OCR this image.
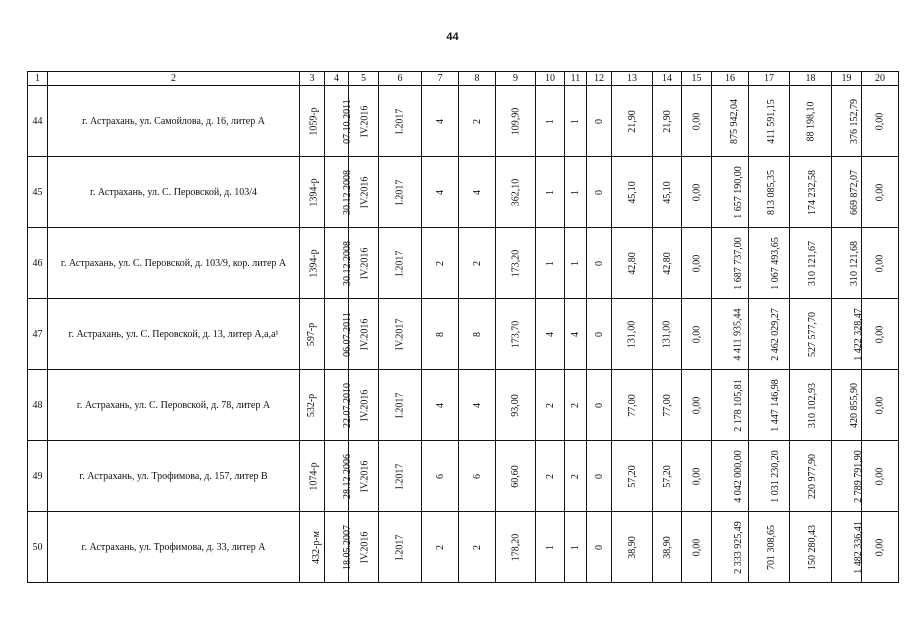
44
1	2	3	4	5	6	7	8	9	10	11	12	13	14	15	16	17	18	19	20
44	г. Астрахань, ул. Самойлова, д. 16, литер А	1059-р	07.10.2011	IV.2016	I.2017	4	2	109,90	1	1	0	21,90	21,90	0,00	875 942,04	411 591,15	88 198,10	376 152,79	0,00
45	г. Астрахань, ул. С. Перовской, д. 103/4	1394-р	30.12.2008	IV.2016	I.2017	4	4	362,10	1	1	0	45,10	45,10	0,00	1 657 190,00	813 085,35	174 232,58	669 872,07	0,00
46	г. Астрахань, ул. С. Перовской, д. 103/9, кор. литер А	1394-р	30.12.2008	IV.2016	I.2017	2	2	173,20	1	1	0	42,80	42,80	0,00	1 687 737,00	1 067 493,65	310 121,67	310 121,68	0,00
47	г. Астрахань, ул. С. Перовской, д. 13, литер А,а,а¹	597-р	06.07.2011	IV.2016	IV.2017	8	8	173,70	4	4	0	131,00	131,00	0,00	4 411 935,44	2 462 029,27	527 577,70	1 422 328,47	0,00
48	г. Астрахань, ул. С. Перовской, д. 78, литер А	532-р	22.07.2010	IV.2016	I.2017	4	4	93,00	2	2	0	77,00	77,00	0,00	2 178 105,81	1 447 146,98	310 102,93	420 855,90	0,00
49	г. Астрахань, ул. Трофимова, д. 157, литер В	1074-р	28.12.2006	IV.2016	I.2017	6	6	60,60	2	2	0	57,20	57,20	0,00	4 042 000,00	1 031 230,20	220 977,90	2 789 791,90	0,00
50	г. Астрахань, ул. Трофимова, д. 33, литер А	432-р-м	18.05.2007	IV.2016	I.2017	2	2	178,20	1	1	0	38,90	38,90	0,00	2 333 925,49	701 308,65	150 280,43	1 482 336,41	0,00
